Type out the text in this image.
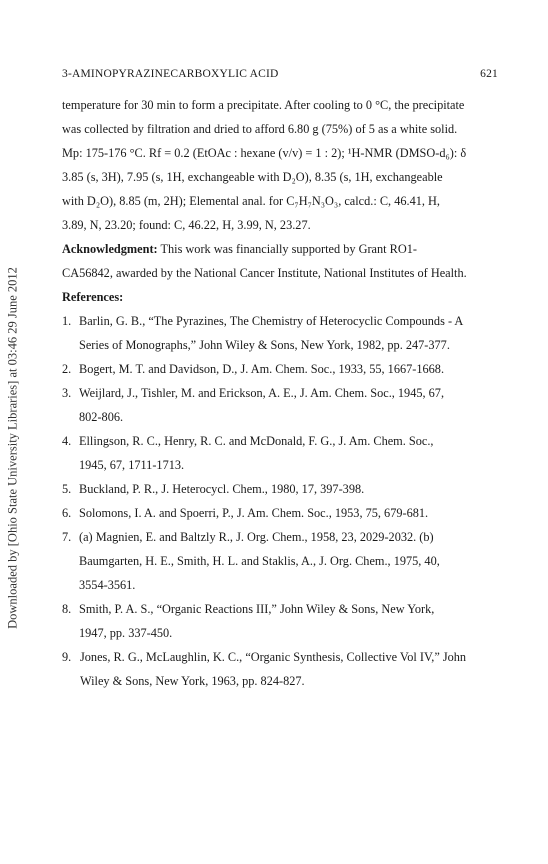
3-AMINOPYRAZINECARBOXYLIC ACID	621
Downloaded by [Ohio State University Libraries] at 03:46 29 June 2012

temperature for 30 min to form a precipitate. After cooling to 0 °C, the precipitate

was collected by filtration and dried to afford 6.80 g (75%) of 5 as a white solid.

Mp: 175-176 °C. Rf = 0.2 (EtOAc : hexane (v/v) = 1 : 2); ¹H-NMR (DMSO-d₆): δ

3.85 (s, 3H), 7.95 (s, 1H, exchangeable with D₂O), 8.35 (s, 1H, exchangeable

with D₂O), 8.85 (m, 2H); Elemental anal. for C₇H₇N₃O₃, calcd.: C, 46.41, H,

3.89, N, 23.20; found: C, 46.22, H, 3.99, N, 23.27.

Acknowledgment: This work was financially supported by Grant RO1-

CA56842, awarded by the National Cancer Institute, National Institutes of Health.

References:

1. Barlin, G. B., “The Pyrazines, The Chemistry of Heterocyclic Compounds - A
Series of Monographs,” John Wiley & Sons, New York, 1982, pp. 247-377.
2. Bogert, M. T. and Davidson, D., J. Am. Chem. Soc., 1933, 55, 1667-1668.
3. Weijlard, J., Tishler, M. and Erickson, A. E., J. Am. Chem. Soc., 1945, 67,
802-806.
4. Ellingson, R. C., Henry, R. C. and McDonald, F. G., J. Am. Chem. Soc.,
1945, 67, 1711-1713.
5. Buckland, P. R., J. Heterocycl. Chem., 1980, 17, 397-398.
6. Solomons, I. A. and Spoerri, P., J. Am. Chem. Soc., 1953, 75, 679-681.
7. (a) Magnien, E. and Baltzly R., J. Org. Chem., 1958, 23, 2029-2032. (b)
Baumgarten, H. E., Smith, H. L. and Staklis, A., J. Org. Chem., 1975, 40,
3554-3561.
8. Smith, P. A. S., “Organic Reactions III,” John Wiley & Sons, New York,
1947, pp. 337-450.
9. Jones, R. G., McLaughlin, K. C., “Organic Synthesis, Collective Vol IV,” John
Wiley & Sons, New York, 1963, pp. 824-827.
